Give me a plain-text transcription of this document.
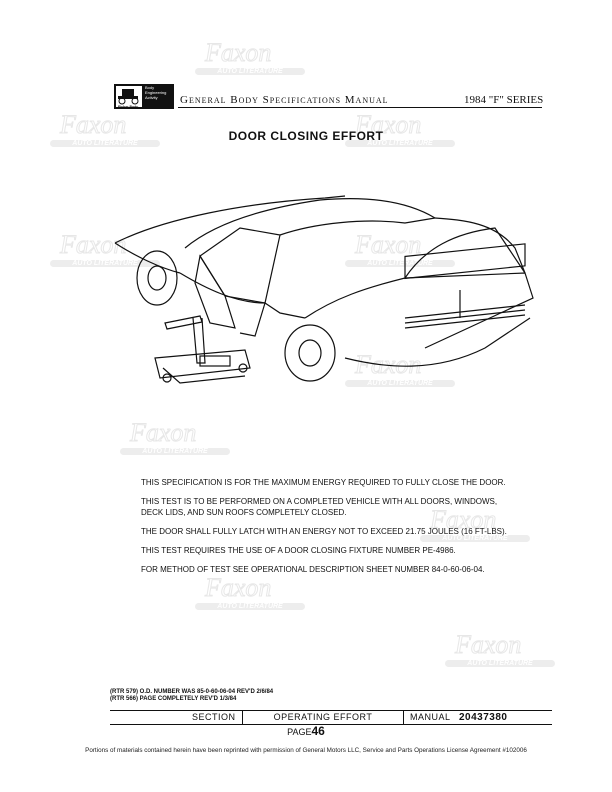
Faxon
AUTO LITERATURE
Faxon
AUTO LITERATURE
Faxon
AUTO LITERATURE
Faxon
AUTO LITERATURE
Faxon
AUTO LITERATURE
Faxon
AUTO LITERATURE
Faxon
AUTO LITERATURE
Faxon
AUTO LITERATURE
Faxon
AUTO LITERATURE
Faxon
AUTO LITERATURE
Fisher Body
Body
Engineering
Activity	General Body Specifications Manual	1984 "F" SERIES
DOOR CLOSING EFFORT

THIS SPECIFICATION IS FOR THE MAXIMUM ENERGY REQUIRED TO FULLY CLOSE THE DOOR.

THIS TEST IS TO BE PERFORMED ON A COMPLETED VEHICLE WITH ALL DOORS, WINDOWS, DECK LIDS, AND SUN ROOFS COMPLETELY CLOSED.

THE DOOR SHALL FULLY LATCH WITH AN ENERGY NOT TO EXCEED 21.75 JOULES (16 FT-LBS).

THIS TEST REQUIRES THE USE OF A DOOR CLOSING FIXTURE NUMBER PE-4986.

FOR METHOD OF TEST SEE OPERATIONAL DESCRIPTION SHEET NUMBER 84-0-60-06-04.

(RTR 579) O.D. NUMBER WAS 85-0-60-06-04 REV'D 2/6/84
(RTR 566) PAGE COMPLETELY REV'D 1/3/84
SECTION	OPERATING EFFORT	MANUAL 20437380
PAGE46
Portions of materials contained herein have been reprinted with permission of General Motors LLC, Service and Parts Operations License Agreement #102006
